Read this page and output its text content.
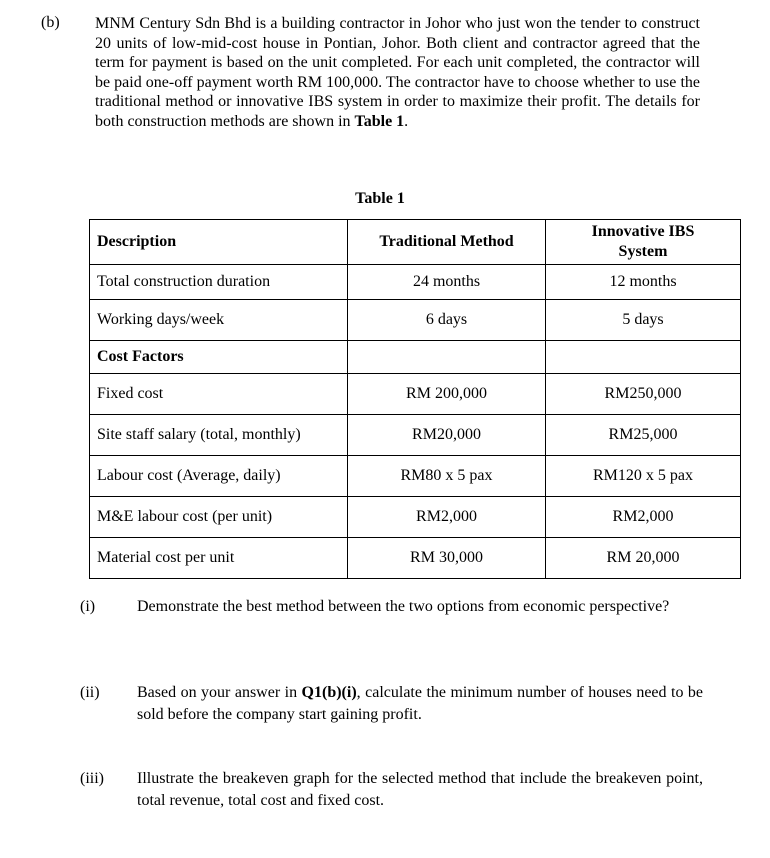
(b) MNM Century Sdn Bhd is a building contractor in Johor who just won the tender to construct 20 units of low-mid-cost house in Pontian, Johor. Both client and contractor agreed that the term for payment is based on the unit completed. For each unit completed, the contractor will be paid one-off payment worth RM 100,000. The contractor have to choose whether to use the traditional method or innovative IBS system in order to maximize their profit. The details for both construction methods are shown in Table 1.
Table 1
Description	Traditional Method	Innovative IBS
System

Total construction duration	24 months	12 months
Working days/week	6 days	5 days
Cost Factors		
Fixed cost	RM 200,000	RM250,000
Site staff salary (total, monthly)	RM20,000	RM25,000
Labour cost (Average, daily)	RM80 x 5 pax	RM120 x 5 pax
M&E labour cost (per unit)	RM2,000	RM2,000
Material cost per unit	RM 30,000	RM 20,000
(i)	Demonstrate the best method between the two options from economic perspective?
(ii) Based on your answer in Q1(b)(i), calculate the minimum number of houses need to be sold before the company start gaining profit.
(iii) Illustrate the breakeven graph for the selected method that include the breakeven point, total revenue, total cost and fixed cost.
